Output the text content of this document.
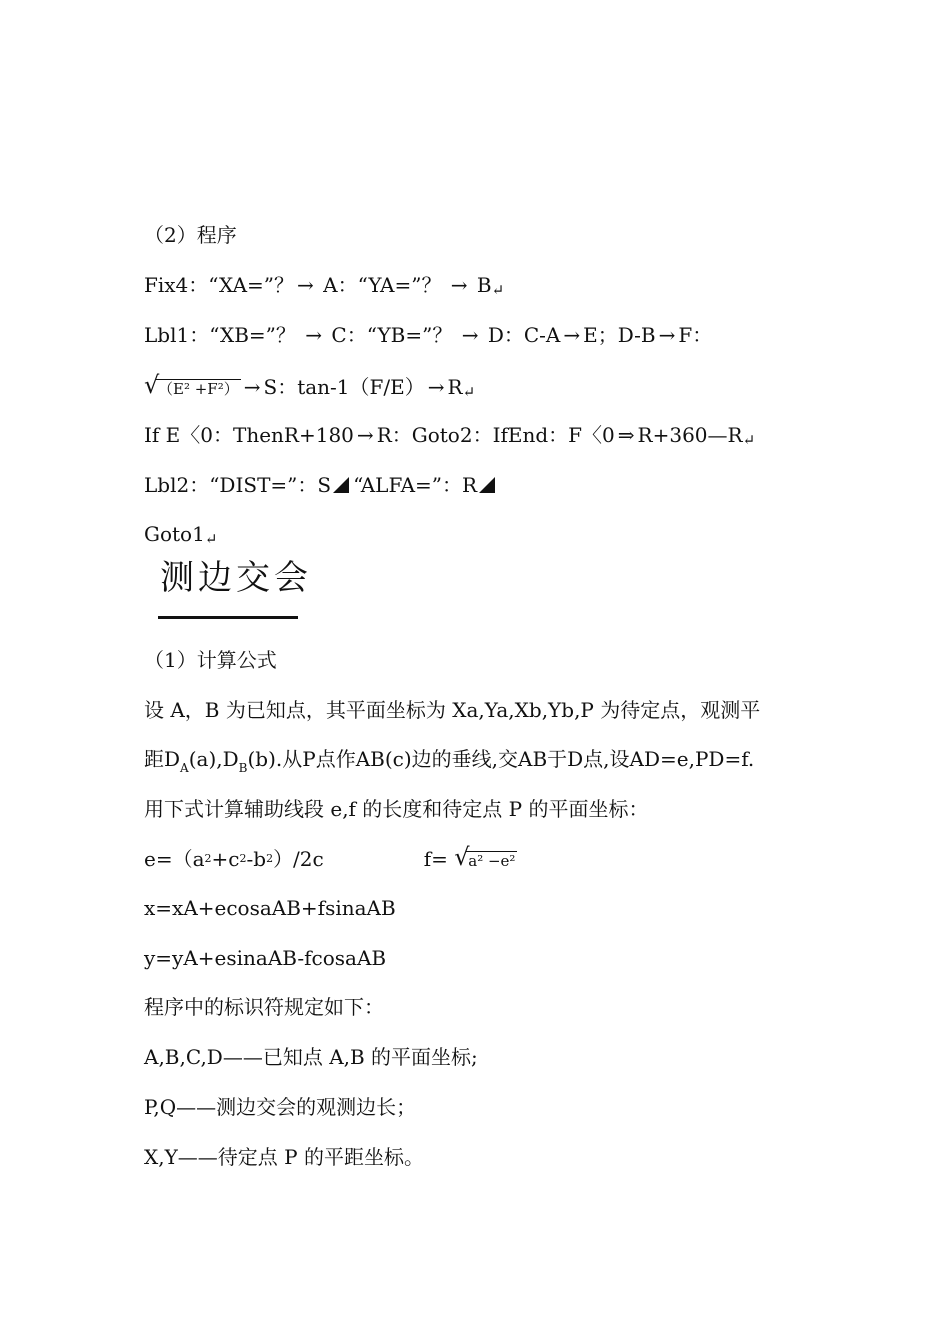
（2）程序
Fix4：“XA=”？ → A：“YA=”？ → B↵
Lbl1：“XB=”？ → C：“YB=”？ → D：C-A → E；D-B → F：
√
（E² +F²） → S：tan-1（F/E） → R↵
If E〈0：ThenR+180 → R：Goto2：IfEnd：F〈0 ⇒ R+360—R↵
Lbl2：“DIST=”：S “ALFA=”：R
Goto1↵
测边交会
（1）计算公式
设 A，B 为已知点，其平面坐标为 Xa,Ya,Xb,Yb,P 为待定点，观测平
距$D_A(a),D_B(b)$.从P点作AB(c)边的垂线,交AB于D点,设AD=e,PD=f.
用下式计算辅助线段 e,f 的长度和待定点 P 的平面坐标：
$e=(a^2+c^2-b^2)/2c$	f= √
a² −e²
x=xA+ecosaAB+fsinaAB
y=yA+esinaAB-fcosaAB
程序中的标识符规定如下：
A,B,C,D——已知点 A,B 的平面坐标;
P,Q——测边交会的观测边长；
X,Y——待定点 P 的平距坐标。
